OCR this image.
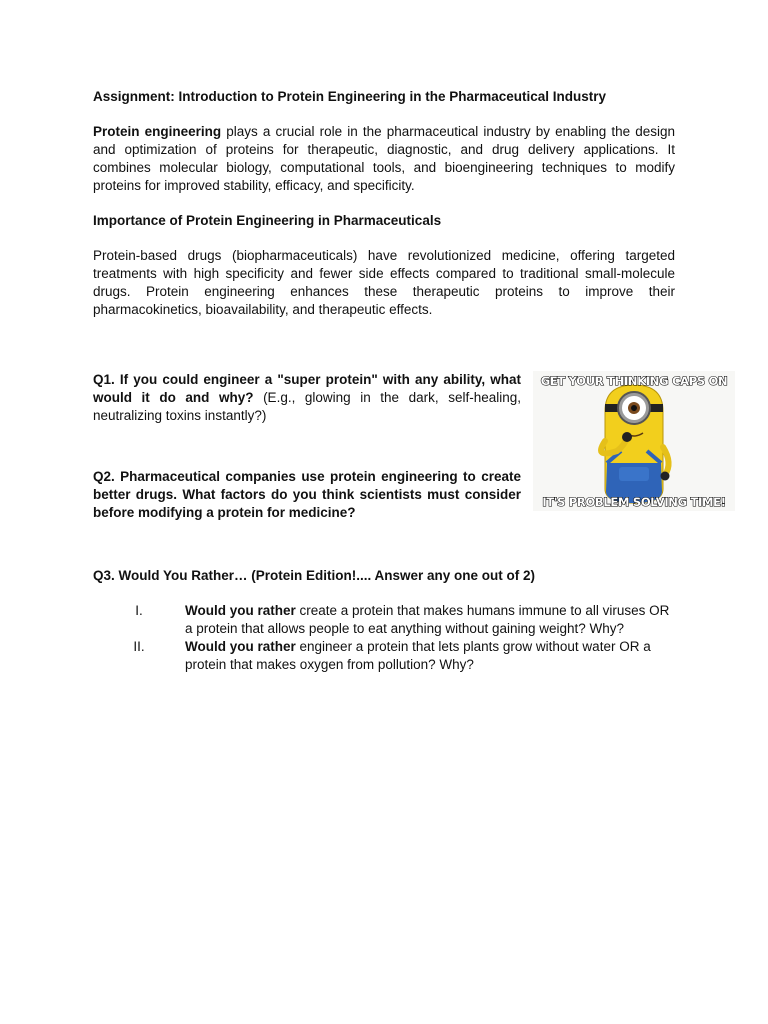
Assignment: Introduction to Protein Engineering in the Pharmaceutical Industry

Protein engineering plays a crucial role in the pharmaceutical industry by enabling the design and optimization of proteins for therapeutic, diagnostic, and drug delivery applications. It combines molecular biology, computational tools, and bioengineering techniques to modify proteins for improved stability, efficacy, and specificity.

Importance of Protein Engineering in Pharmaceuticals

Protein-based drugs (biopharmaceuticals) have revolutionized medicine, offering targeted treatments with high specificity and fewer side effects compared to traditional small-molecule drugs. Protein engineering enhances these therapeutic proteins to improve their pharmacokinetics, bioavailability, and therapeutic effects.

Q1. If you could engineer a "super protein" with any ability, what would it do and why? (E.g., glowing in the dark, self-healing, neutralizing toxins instantly?)

Q2. Pharmaceutical companies use protein engineering to create better drugs. What factors do you think scientists must consider before modifying a protein for medicine?

GET YOUR THINKING CAPS ON
IT'S PROBLEM SOLVING TIME!

Q3. Would You Rather… (Protein Edition!.... Answer any one out of 2)

I.	Would you rather create a protein that makes humans immune to all viruses OR a protein that allows people to eat anything without gaining weight? Why?
II.	Would you rather engineer a protein that lets plants grow without water OR a protein that makes oxygen from pollution? Why?
